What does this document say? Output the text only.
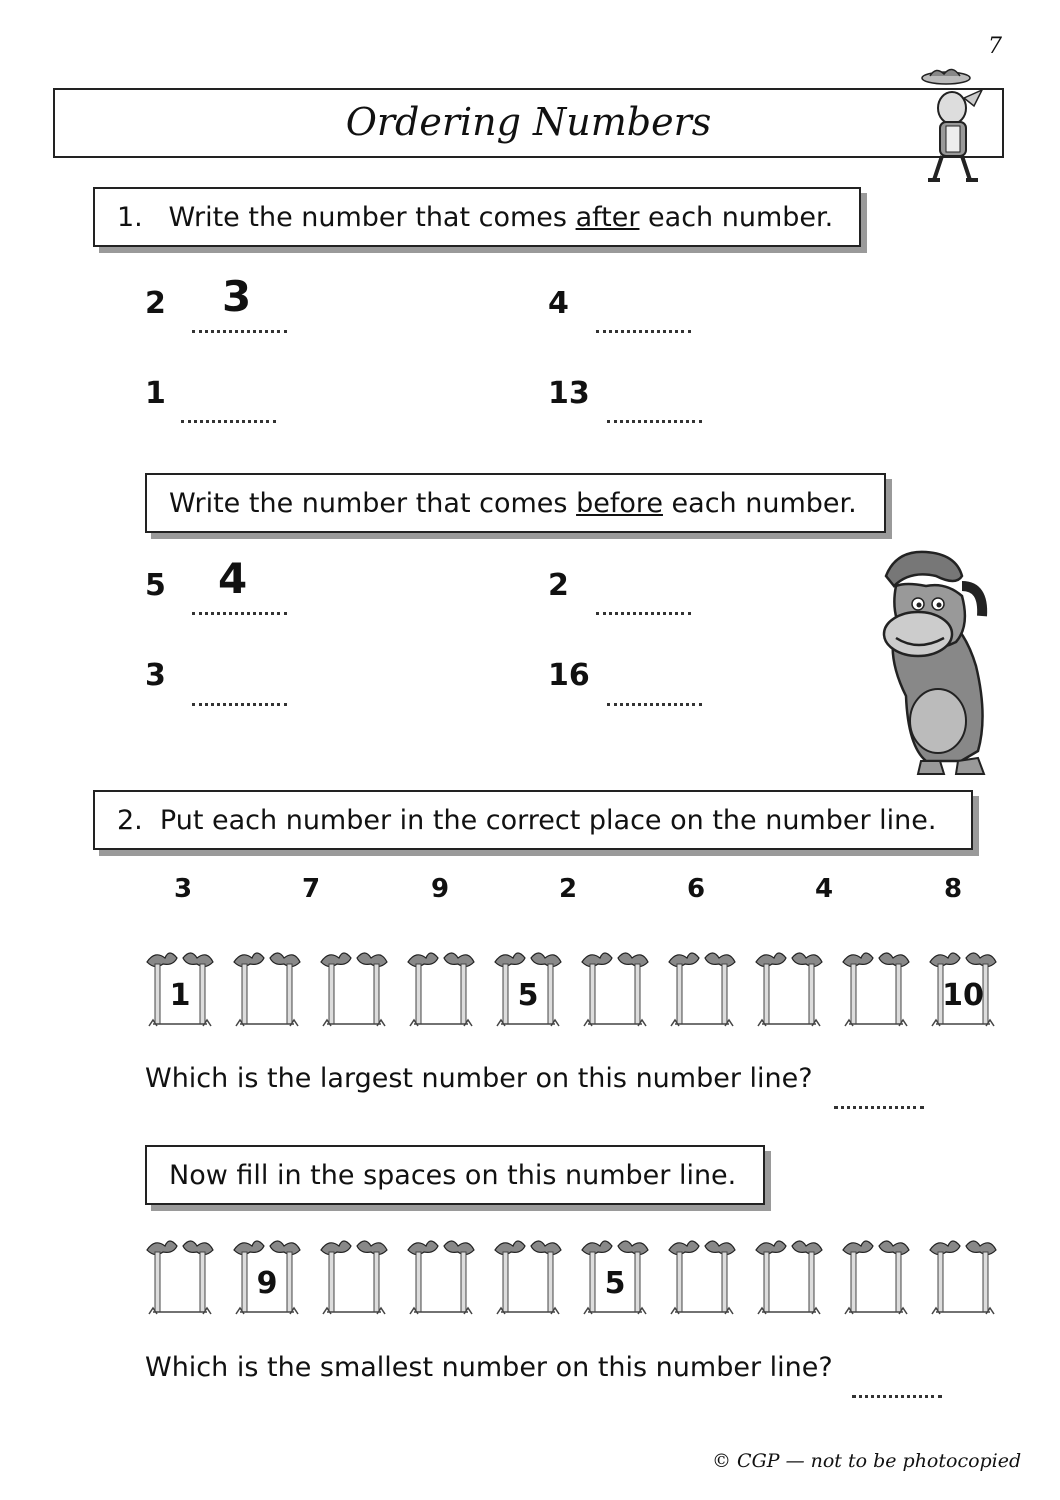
7
Ordering Numbers
1.   Write the number that comes after each number.
2 3	4
1	13
Write the number that comes before each number.
5 4	2
3	16
2.  Put each number in the correct place on the number line.
3	7	9	2	6	4	8
1	5	10
Which is the largest number on this number line?
Now fill in the spaces on this number line.
9	5
Which is the smallest number on this number line?
© CGP — not to be photocopied
